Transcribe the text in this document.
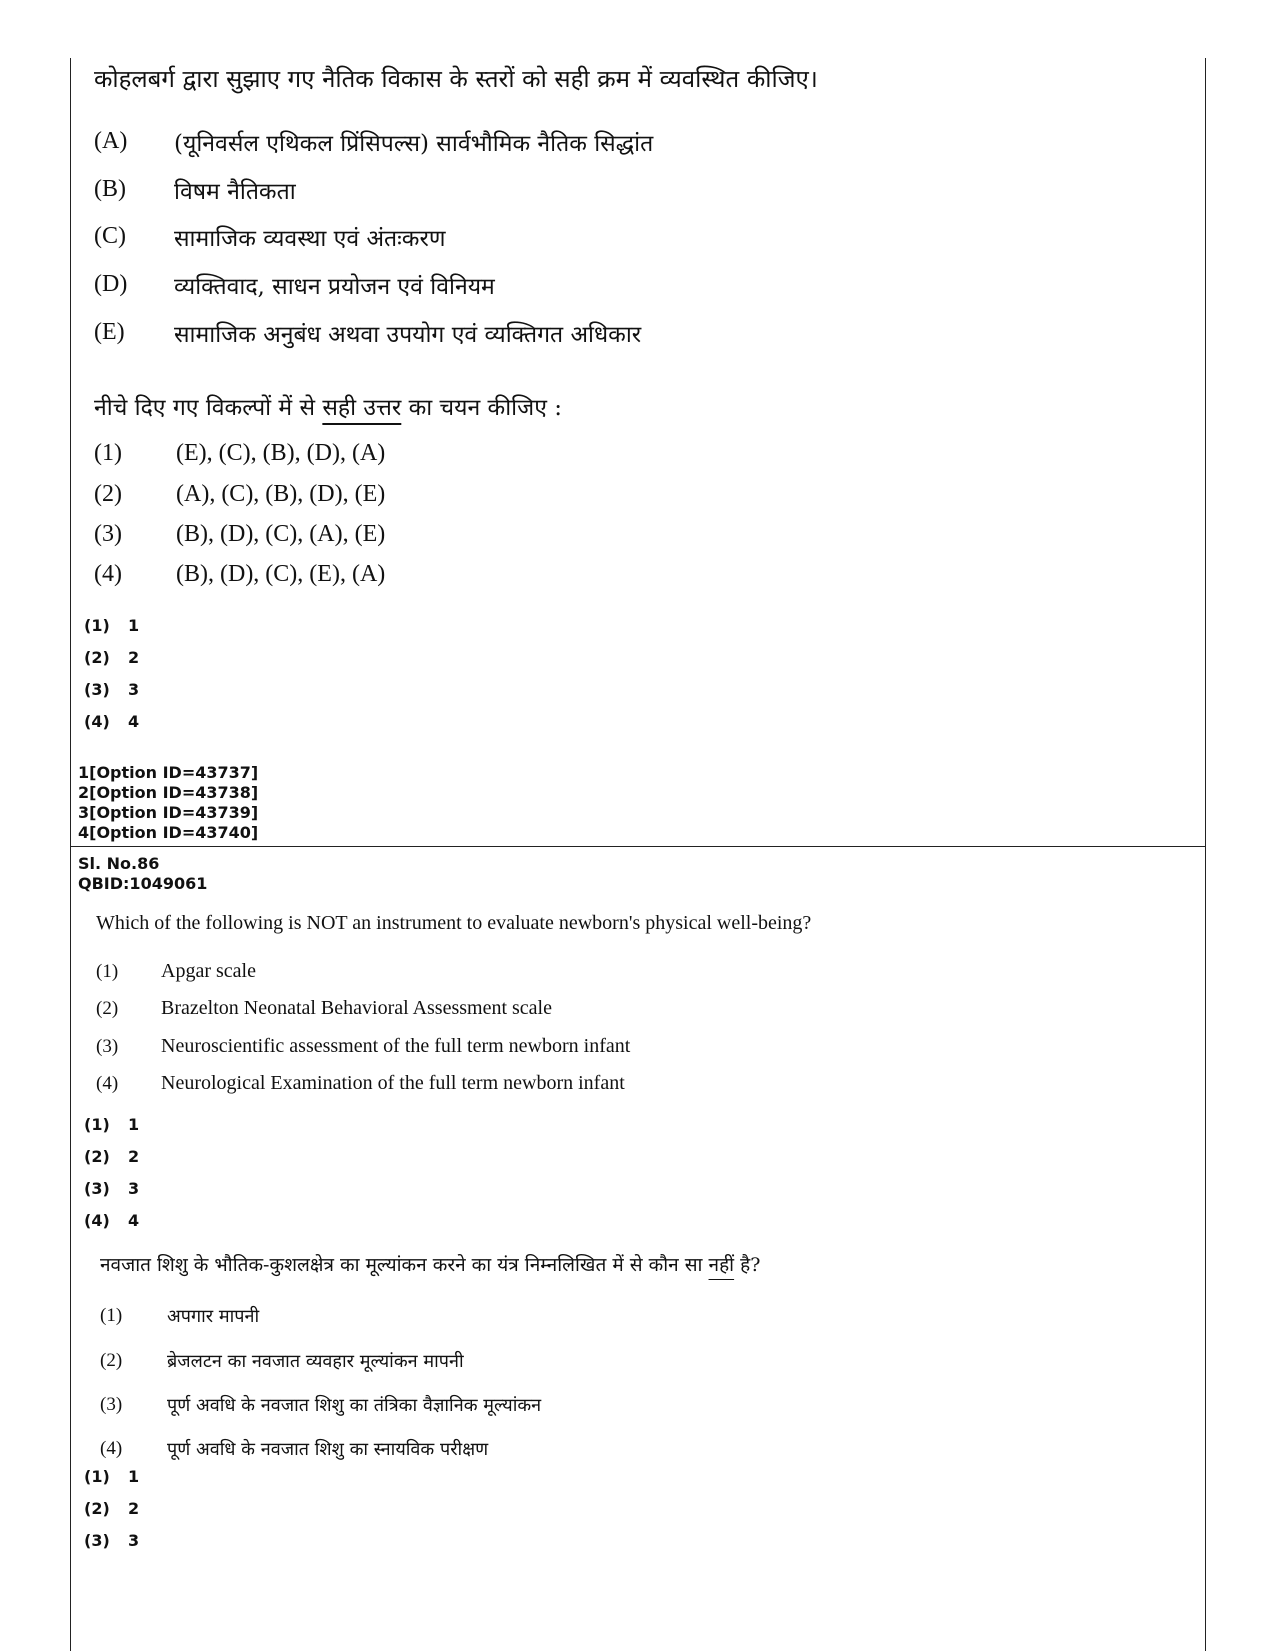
कोहलबर्ग द्वारा सुझाए गए नैतिक विकास के स्तरों को सही क्रम में व्यवस्थित कीजिए।
(A) (यूनिवर्सल एथिकल प्रिंसिपल्स) सार्वभौमिक नैतिक सिद्धांत
(B) विषम नैतिकता
(C) सामाजिक व्यवस्था एवं अंतःकरण
(D) व्यक्तिवाद, साधन प्रयोजन एवं विनियम
(E) सामाजिक अनुबंध अथवा उपयोग एवं व्यक्तिगत अधिकार
नीचे दिए गए विकल्पों में से सही उत्तर का चयन कीजिए :
(1) (E), (C), (B), (D), (A)
(2) (A), (C), (B), (D), (E)
(3) (B), (D), (C), (A), (E)
(4) (B), (D), (C), (E), (A)
(1) 1
(2) 2
(3) 3
(4) 4
1[Option ID=43737]
2[Option ID=43738]
3[Option ID=43739]
4[Option ID=43740]
Sl. No.86
QBID:1049061
Which of the following is NOT an instrument to evaluate newborn's physical well-being?
(1) Apgar scale
(2) Brazelton Neonatal Behavioral Assessment scale
(3) Neuroscientific assessment of the full term newborn infant
(4) Neurological Examination of the full term newborn infant
(1) 1
(2) 2
(3) 3
(4) 4
नवजात शिशु के भौतिक-कुशलक्षेत्र का मूल्यांकन करने का यंत्र निम्नलिखित में से कौन सा नहीं है?
(1) अपगार मापनी
(2) ब्रेजलटन का नवजात व्यवहार मूल्यांकन मापनी
(3) पूर्ण अवधि के नवजात शिशु का तंत्रिका वैज्ञानिक मूल्यांकन
(4) पूर्ण अवधि के नवजात शिशु का स्नायविक परीक्षण
(1) 1
(2) 2
(3) 3
